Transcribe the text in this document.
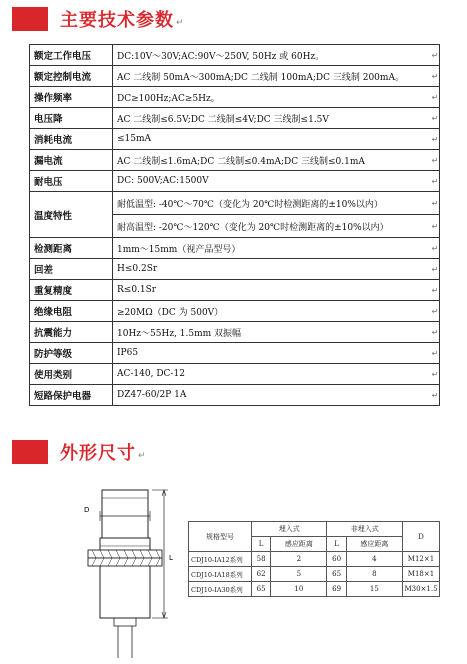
主要技术参数 ↵
额定工作电压	DC:10V～30V;AC:90V～250V, 50Hz 或 60Hz。	↵
额定控制电流	AC 二线制 50mA～300mA;DC 二线制 100mA;DC 三线制 200mA。	↵
操作频率	DC≥100Hz;AC≥5Hz。	↵
电压降	AC 二线制≤6.5V;DC 二线制≤4V;DC 三线制≤1.5V	↵
消耗电流	≤15mA	↵
漏电流	AC 二线制≤1.6mA;DC 二线制≤0.4mA;DC 三线制≤0.1mA	↵
耐电压	DC: 500V;AC:1500V	↵
温度特性	耐低温型: -40℃～70℃（变化为 20℃时检测距离的±10%以内）	↵
	耐高温型: -20℃～120℃（变化为 20℃时检测距离的±10%以内）	↵
检测距离	1mm～15mm（视产品型号）	↵
回差	H≤0.2Sr	↵
重复精度	R≤0.1Sr	↵
绝缘电阻	≥20MΩ（DC 为 500V）	↵
抗震能力	10Hz～55Hz, 1.5mm 双振幅	↵
防护等级	IP65	↵
使用类别	AC-140, DC-12	↵
短路保护电器	DZ47-60/2P 1A	↵
外形尺寸 ↵
D
L
规格型号	埋入式		非埋入式		D
	L	感应距离	L	感应距离	
CDJ10-IA12系列	58	2	60	4	M12×1
CDJ10-IA18系列	62	5	65	8	M18×1
CDJ10-IA30系列	65	10	69	15	M30×1.5
